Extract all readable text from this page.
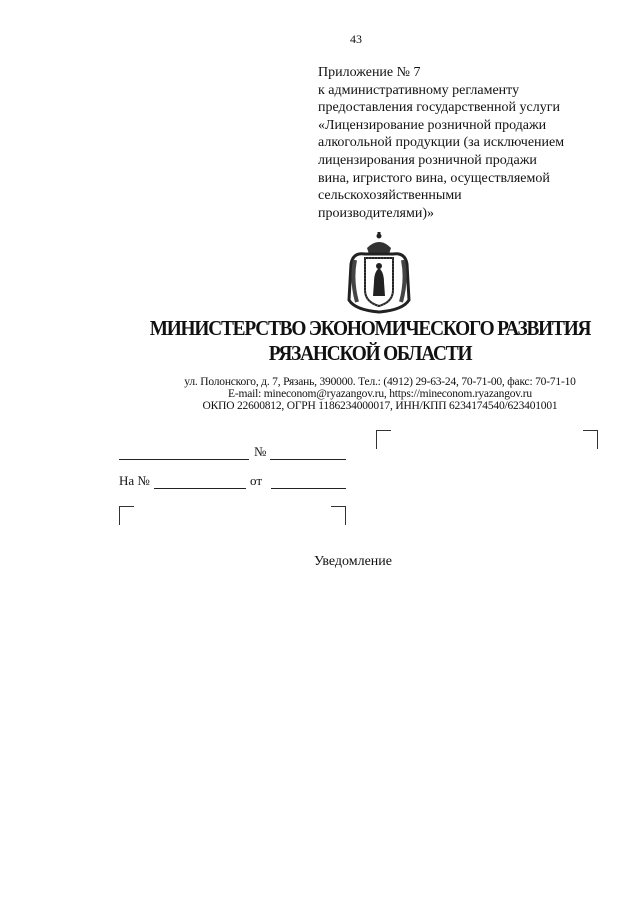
43
Приложение № 7
к административному регламенту
предоставления государственной услуги
«Лицензирование розничной продажи
алкогольной продукции (за исключением
лицензирования розничной продажи
вина, игристого вина, осуществляемой
сельскохозяйственными
производителями)»
МИНИСТЕРСТВО ЭКОНОМИЧЕСКОГО РАЗВИТИЯ
РЯЗАНСКОЙ ОБЛАСТИ
ул. Полонского, д. 7, Рязань, 390000. Тел.: (4912) 29-63-24, 70-71-00, факс: 70-71-10
E-mail: mineconom@ryazangov.ru, https://mineconom.ryazangov.ru
ОКПО 22600812, ОГРН 1186234000017, ИНН/КПП 6234174540/623401001
№
На №	от
Уведомление
